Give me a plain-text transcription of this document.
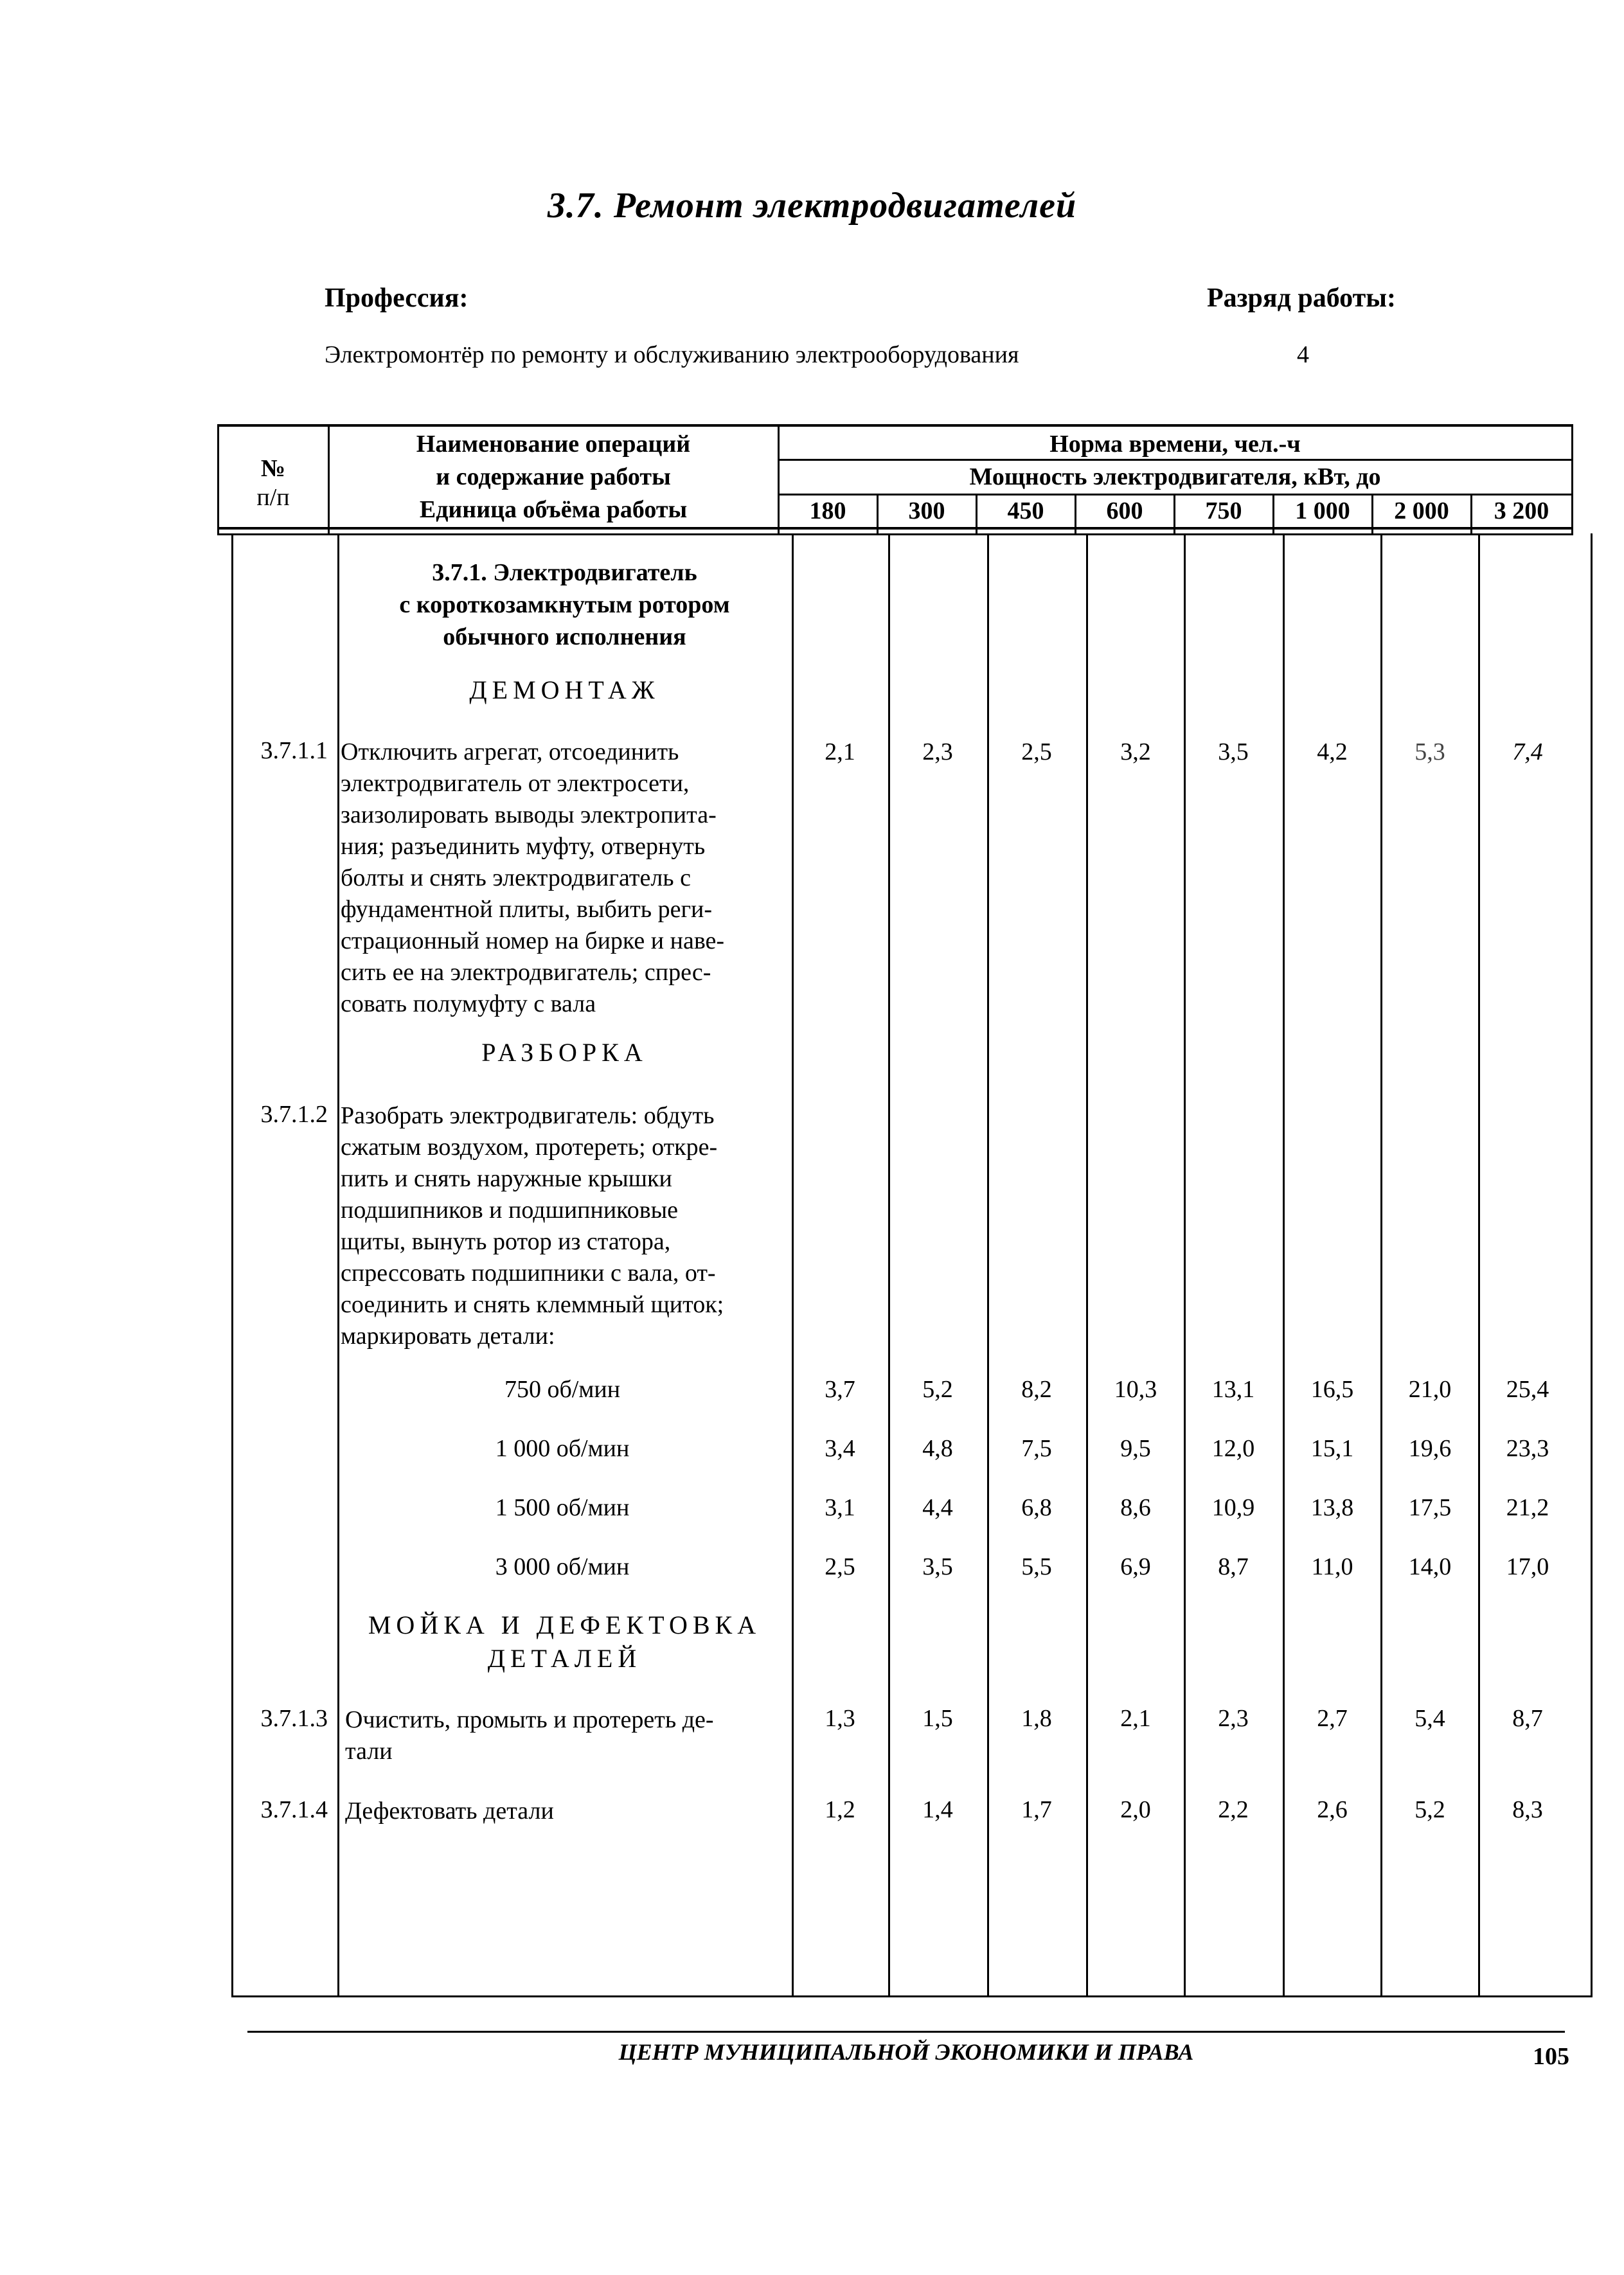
3.7. Ремонт электродвигателей
Профессия:	Разряд работы:
Электромонтёр по ремонту и обслуживанию электрооборудования	4
№
п/п
Наименование операций
и содержание работы
Единица объёма работы
Норма времени, чел.-ч
Мощность электродвигателя, кВт, до
180	300	450	600	750	1 000	2 000	3 200
3.7.1. Электродвигатель
с короткозамкнутым ротором
обычного исполнения
ДЕМОНТАЖ
3.7.1.1 Отключить агрегат, отсоединить
электродвигатель от электросети,
заизолировать выводы электропита-
ния; разъединить муфту, отвернуть
болты и снять электродвигатель с
фундаментной плиты, выбить реги-
страционный номер на бирке и наве-
сить ее на электродвигатель; спрес-
совать полумуфту с вала
2,1	2,3	2,5	3,2	3,5	4,2	5,3	7,4
РАЗБОРКА
3.7.1.2 Разобрать электродвигатель: обдуть
сжатым воздухом, протереть; откре-
пить и снять наружные крышки
подшипников и подшипниковые
щиты, вынуть ротор из статора,
спрессовать подшипники с вала, от-
соединить и снять клеммный щиток;
маркировать детали:
750 об/мин	3,7	5,2	8,2	10,3	13,1	16,5	21,0	25,4
1 000 об/мин	3,4	4,8	7,5	9,5	12,0	15,1	19,6	23,3
1 500 об/мин	3,1	4,4	6,8	8,6	10,9	13,8	17,5	21,2
3 000 об/мин	2,5	3,5	5,5	6,9	8,7	11,0	14,0	17,0
МОЙКА И ДЕФЕКТОВКА
ДЕТАЛЕЙ
3.7.1.3 Очистить, промыть и протереть де-
тали
1,3	1,5	1,8	2,1	2,3	2,7	5,4	8,7
3.7.1.4 Дефектовать детали	1,2	1,4	1,7	2,0	2,2	2,6	5,2	8,3
ЦЕНТР МУНИЦИПАЛЬНОЙ ЭКОНОМИКИ И ПРАВА	105
